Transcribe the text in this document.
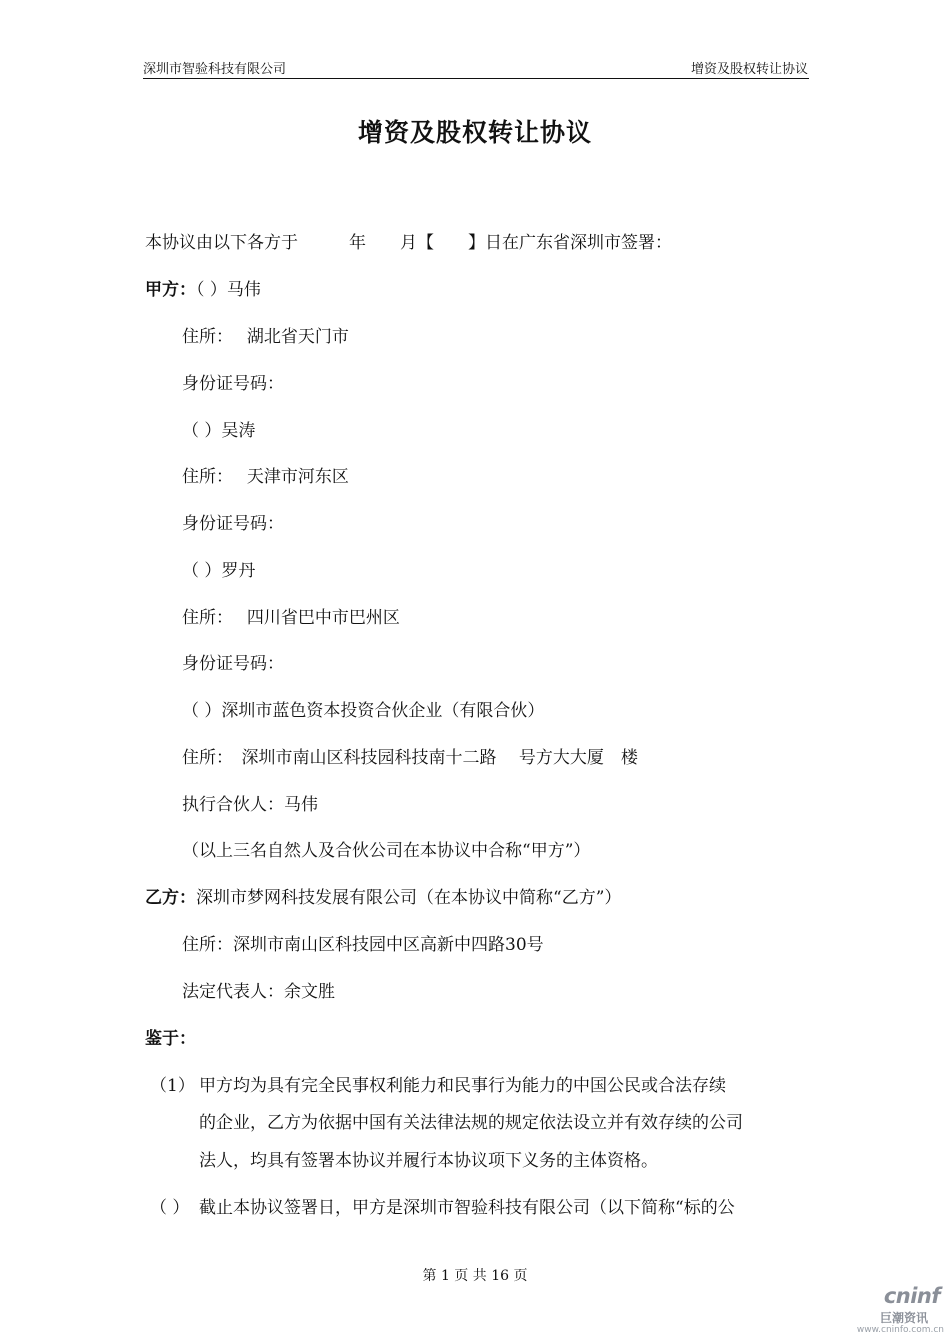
深圳市智验科技有限公司	增资及股权转让协议
增资及股权转让协议
本协议由以下各方于　　　年　　月【　　】日在广东省深圳市签署：
甲方：（ ）马伟
住所：　 湖北省天门市
身份证号码：
（ ）吴涛
住所：　 天津市河东区
身份证号码：
（ ）罗丹
住所：　 四川省巴中市巴州区
身份证号码：
（ ）深圳市蓝色资本投资合伙企业（有限合伙）
住所：　深圳市南山区科技园科技南十二路　 号方大大厦　楼
执行合伙人：马伟
（以上三名自然人及合伙公司在本协议中合称“甲方”）
乙方：深圳市梦网科技发展有限公司（在本协议中简称“乙方”）
住所：深圳市南山区科技园中区高新中四路30号
法定代表人：余文胜
鉴于：
（1） 甲方均为具有完全民事权利能力和民事行为能力的中国公民或合法存续
的企业，乙方为依据中国有关法律法规的规定依法设立并有效存续的公司
法人，均具有签署本协议并履行本协议项下义务的主体资格。
（ ） 截止本协议签署日，甲方是深圳市智验科技有限公司（以下简称“标的公
第 1 页 共 16 页
cninf
巨潮资讯
www.cninfo.com.cn
